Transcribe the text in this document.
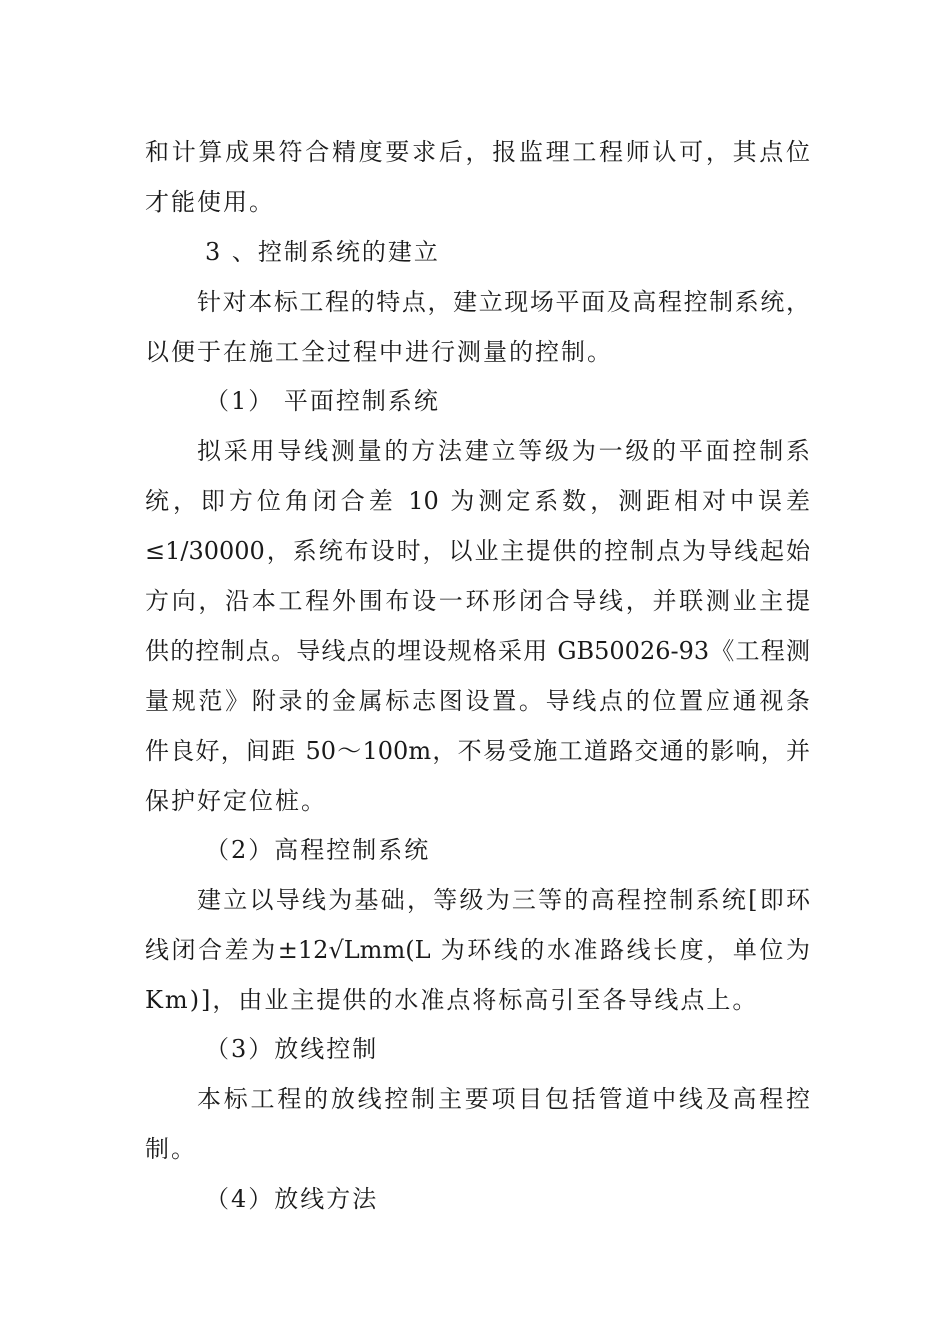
和计算成果符合精度要求后，报监理工程师认可，其点位
才能使用。
3 、控制系统的建立
针对本标工程的特点，建立现场平面及高程控制系统，
以便于在施工全过程中进行测量的控制。
（1） 平面控制系统
拟采用导线测量的方法建立等级为一级的平面控制系
统，即方位角闭合差 10 为测定系数，测距相对中误差
≤1/30000，系统布设时，以业主提供的控制点为导线起始
方向，沿本工程外围布设一环形闭合导线，并联测业主提
供的控制点。导线点的埋设规格采用 GB50026-93《工程测
量规范》附录的金属标志图设置。导线点的位置应通视条
件良好，间距 50～100m，不易受施工道路交通的影响，并
保护好定位桩。
（2）高程控制系统
建立以导线为基础，等级为三等的高程控制系统[即环
线闭合差为±12√Lmm(L 为环线的水准路线长度，单位为
Km)]，由业主提供的水准点将标高引至各导线点上。
（3）放线控制
本标工程的放线控制主要项目包括管道中线及高程控
制。
（4）放线方法
